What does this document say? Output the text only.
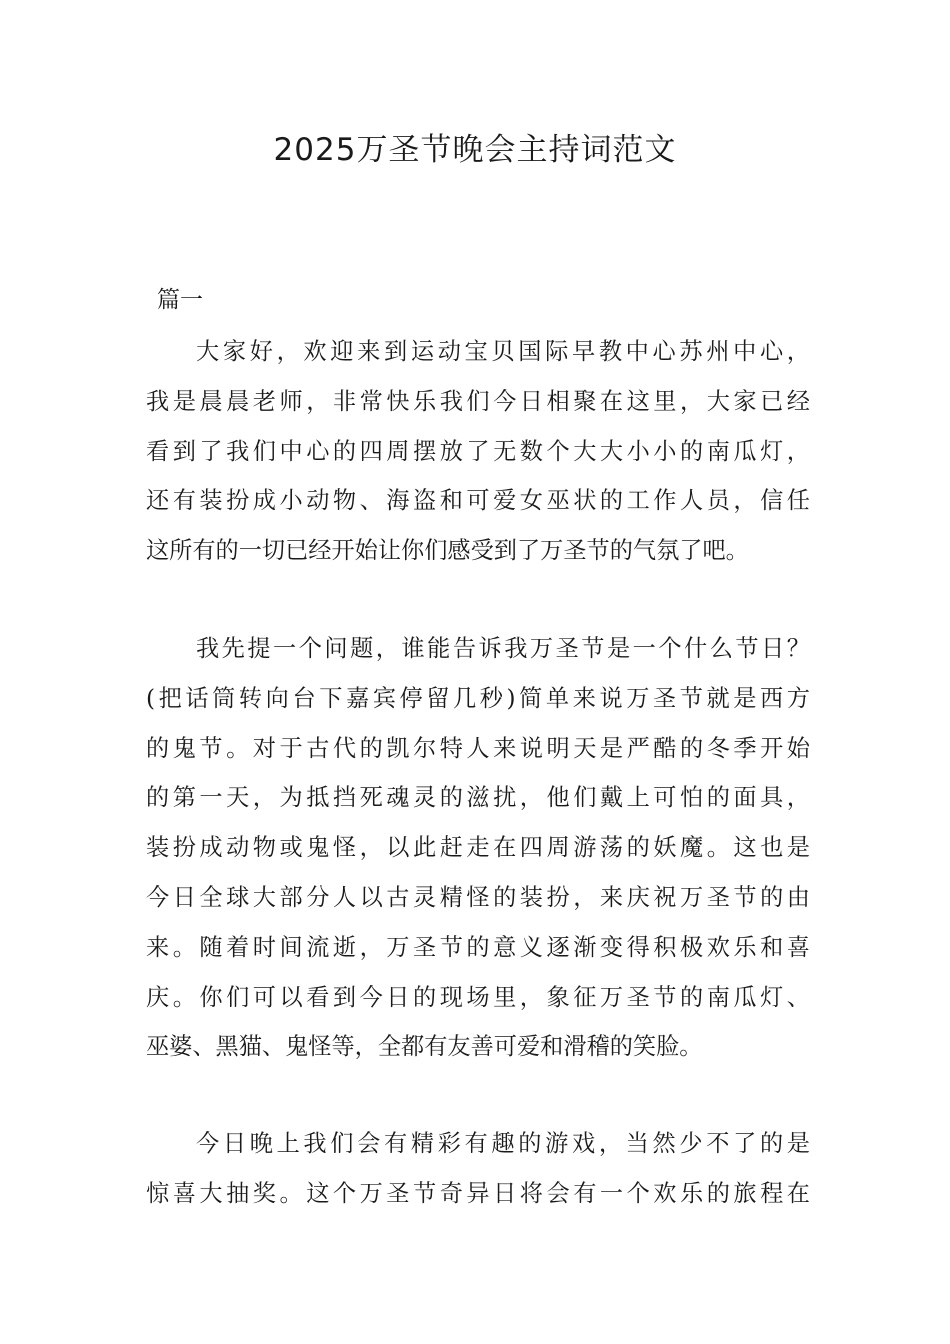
2025万圣节晚会主持词范文
篇一
大家好，欢迎来到运动宝贝国际早教中心苏州中心，
我是晨晨老师，非常快乐我们今日相聚在这里，大家已经
看到了我们中心的四周摆放了无数个大大小小的南瓜灯，
还有装扮成小动物、海盗和可爱女巫状的工作人员，信任
这所有的一切已经开始让你们感受到了万圣节的气氛了吧。
我先提一个问题，谁能告诉我万圣节是一个什么节日？
(把话筒转向台下嘉宾停留几秒)简单来说万圣节就是西方
的鬼节。对于古代的凯尔特人来说明天是严酷的冬季开始
的第一天，为抵挡死魂灵的滋扰，他们戴上可怕的面具，
装扮成动物或鬼怪，以此赶走在四周游荡的妖魔。这也是
今日全球大部分人以古灵精怪的装扮，来庆祝万圣节的由
来。随着时间流逝，万圣节的意义逐渐变得积极欢乐和喜
庆。你们可以看到今日的现场里，象征万圣节的南瓜灯、
巫婆、黑猫、鬼怪等，全都有友善可爱和滑稽的笑脸。
今日晚上我们会有精彩有趣的游戏，当然少不了的是
惊喜大抽奖。这个万圣节奇异日将会有一个欢乐的旅程在
